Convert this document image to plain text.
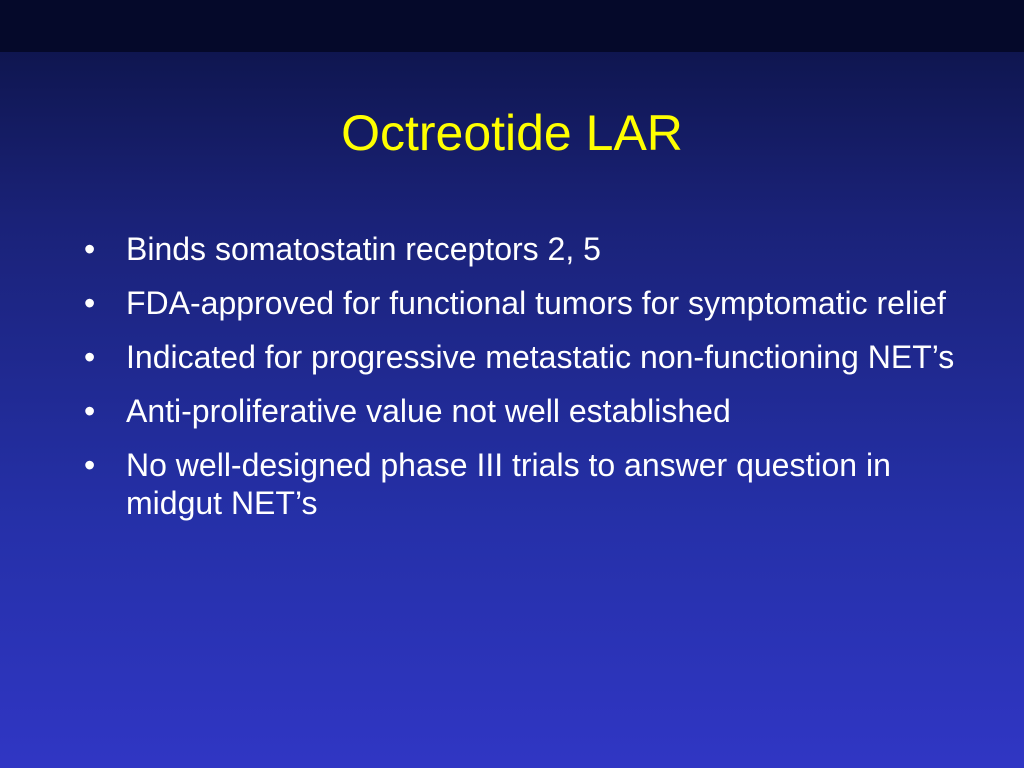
Octreotide LAR
• Binds somatostatin receptors 2, 5
• FDA-approved for functional tumors for symptomatic relief
• Indicated for progressive metastatic non-functioning NET’s
• Anti-proliferative value not well established
• No well-designed phase III trials to answer question in midgut NET’s
